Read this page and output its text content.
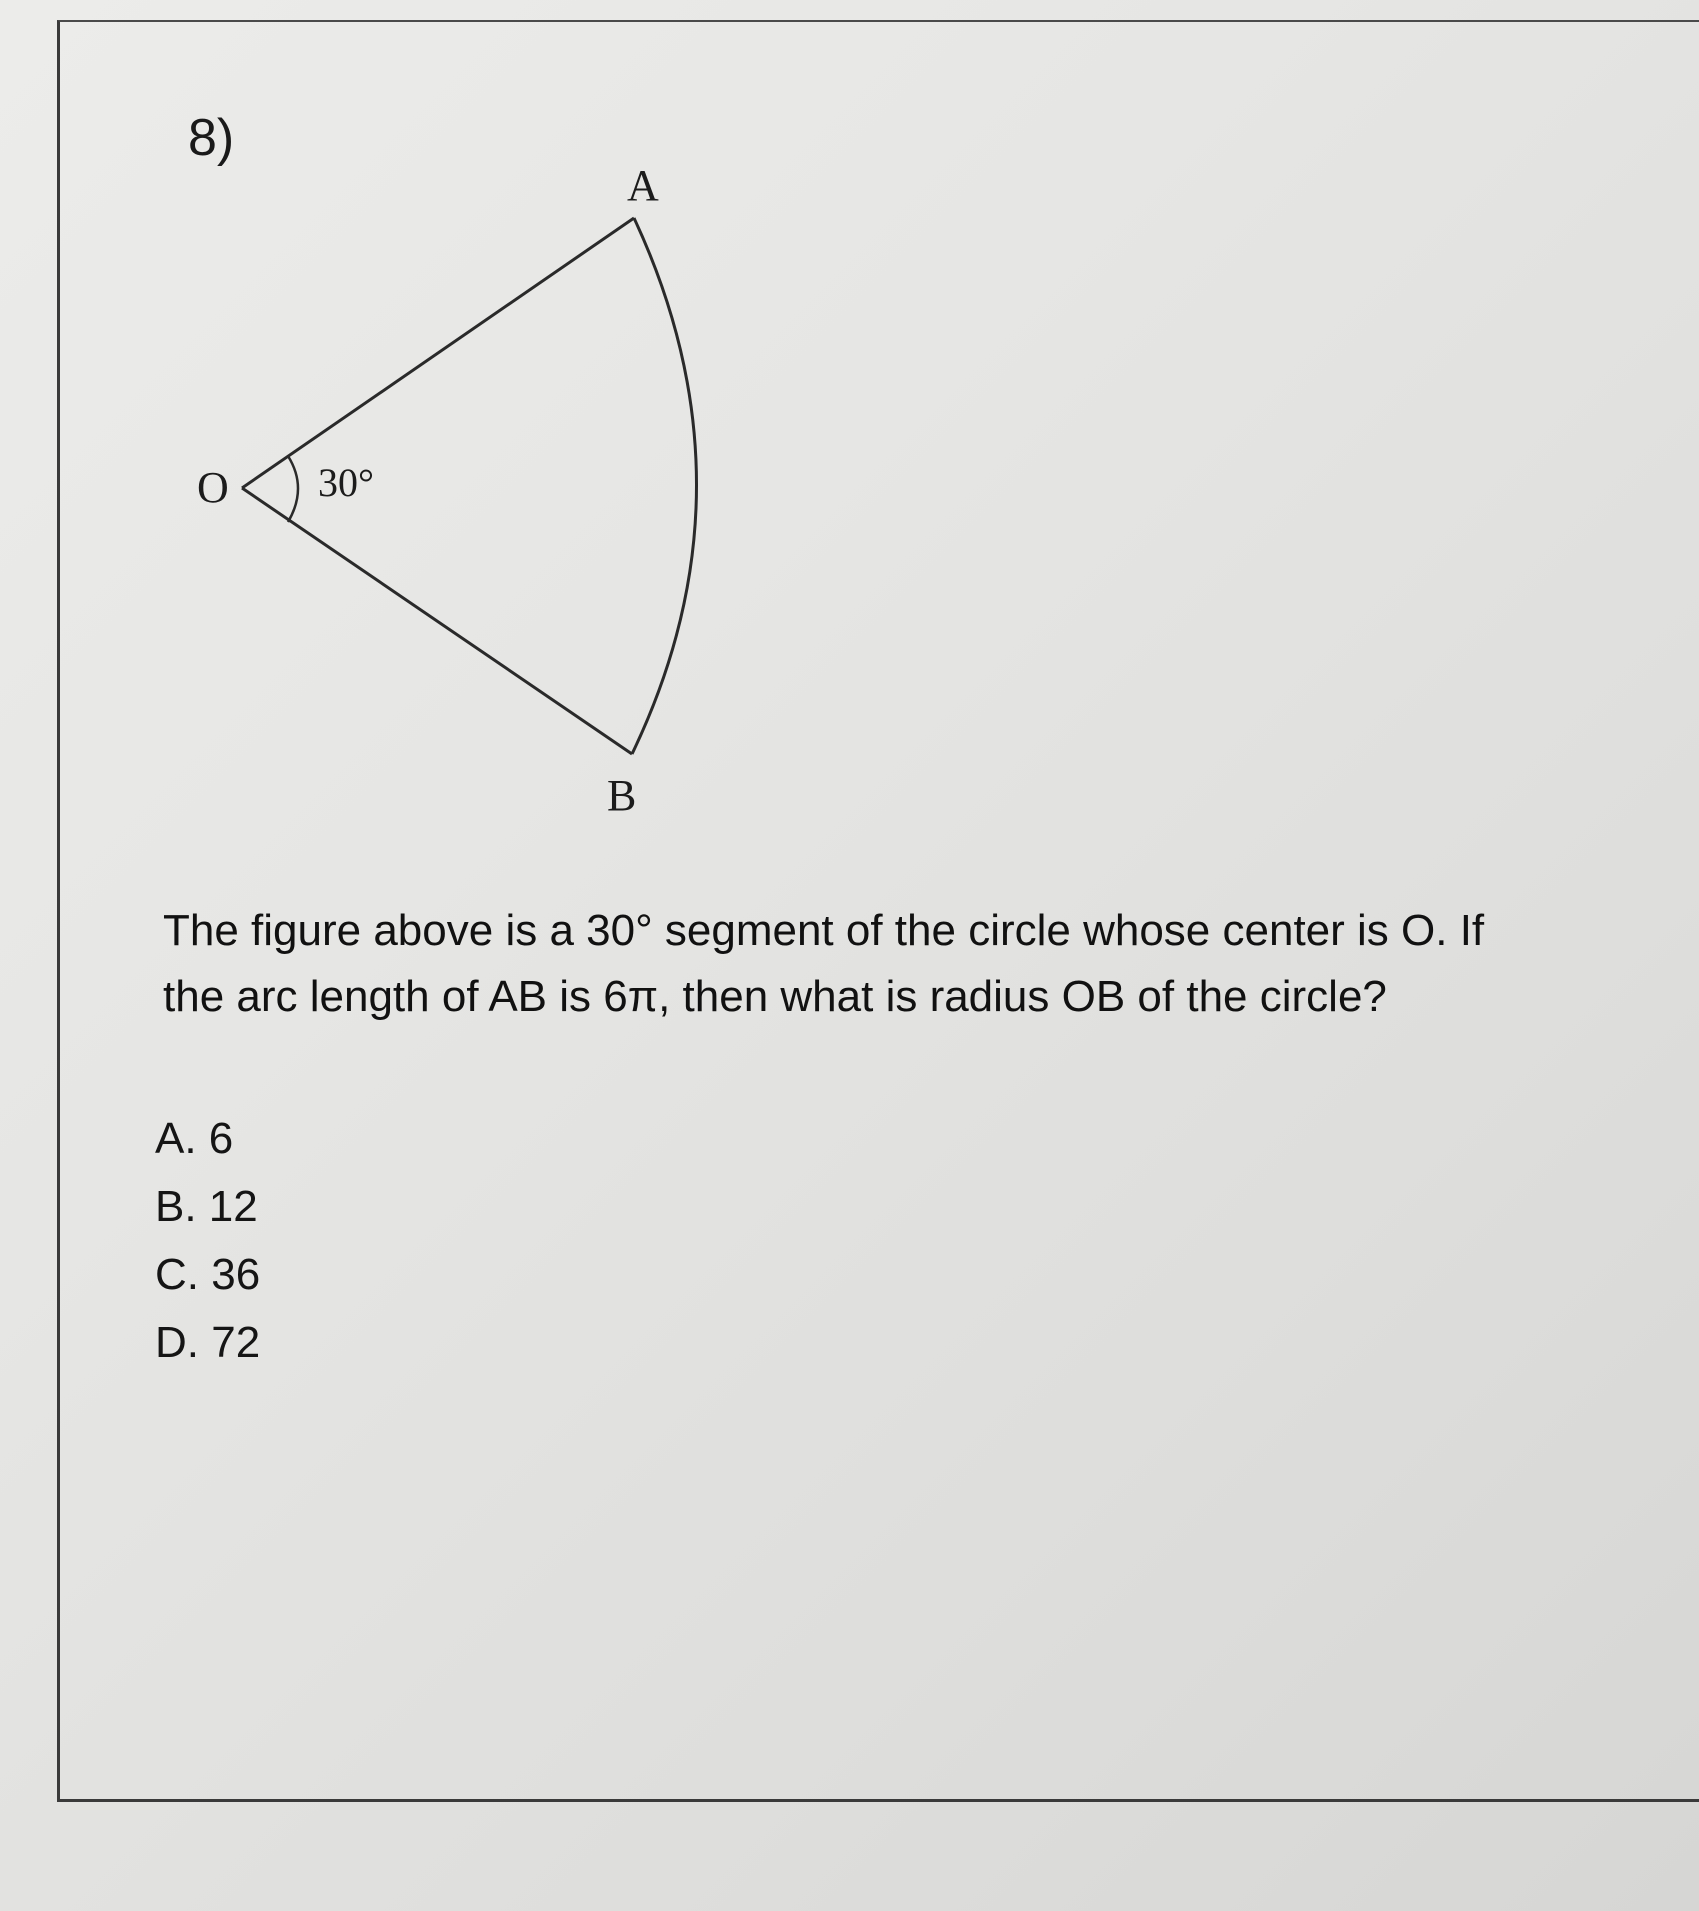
8)
A
B
O 30°
The figure above is a 30° segment of the circle whose center is O. If
the arc length of AB is 6π, then what is radius OB of the circle?
A. 6
B. 12
C. 36
D. 72
